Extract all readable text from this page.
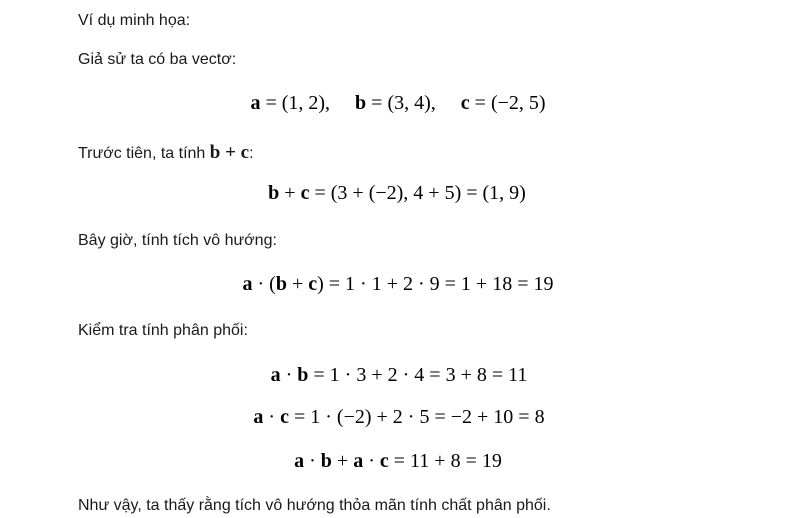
Ví dụ minh họa:
Giả sử ta có ba vectơ:
a = (1, 2), b = (3, 4), c = (−2, 5)
Trước tiên, ta tính b + c:
b + c = (3 + (−2), 4 + 5) = (1, 9)
Bây giờ, tính tích vô hướng:
a · (b + c) = 1 · 1 + 2 · 9 = 1 + 18 = 19
Kiểm tra tính phân phối:
a · b = 1 · 3 + 2 · 4 = 3 + 8 = 11
a · c = 1 · (−2) + 2 · 5 = −2 + 10 = 8
a · b + a · c = 11 + 8 = 19
Như vậy, ta thấy rằng tích vô hướng thỏa mãn tính chất phân phối.
